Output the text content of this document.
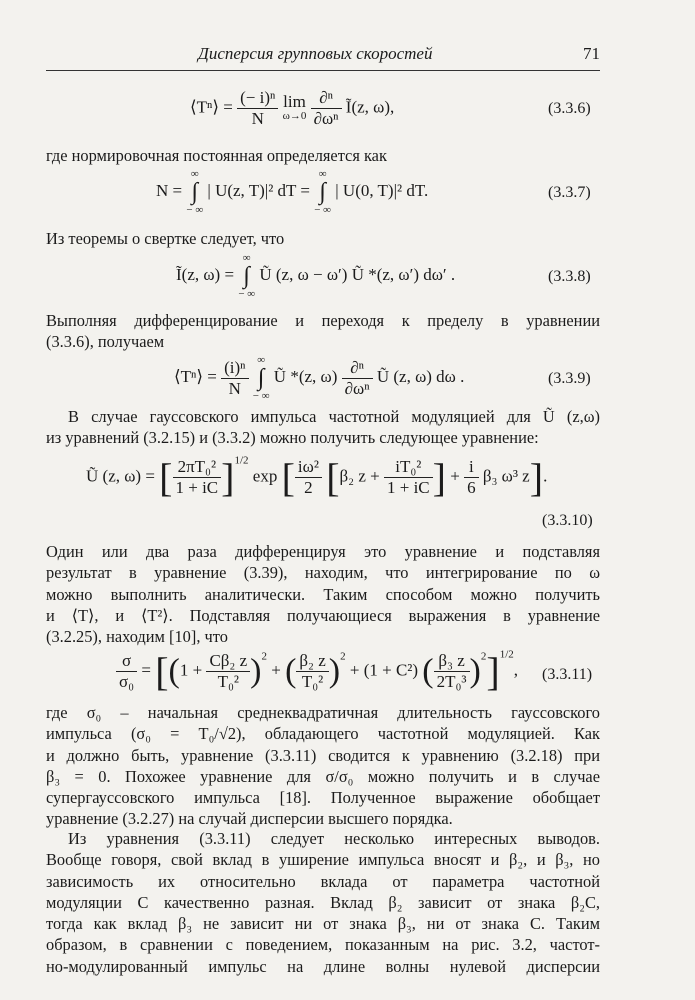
Дисперсия групповых скоростей	71
⟨Tⁿ⟩ = $\frac{\text{(− i)ⁿ}}{N}$
lim
ω→0
$\frac{\text{∂ⁿ}}{\text{∂ωⁿ}}$ Ĩ(z, ω),	(3.3.6)
где нормировочная постоянная определяется как
N = ∞
∫
− ∞ | U(z, T)|² dT = ∞
∫
− ∞ | U(0, T)|² dT.	(3.3.7)
Из теоремы о свертке следует, что
Ĩ(z, ω) = ∞
∫
− ∞ Ũ (z, ω − ω′) Ũ *(z, ω′) dω′ .	(3.3.8)
Выполняя дифференцирование и переходя к пределу в уравнении
(3.3.6), получаем
⟨Tⁿ⟩ = $\frac{\text{(i)ⁿ}}{N}$ ∞
∫
− ∞ Ũ *(z, $\omega) \frac{\text{∂ⁿ}}{\text{∂ωⁿ}}$ Ũ (z, ω) dω .	(3.3.9)
В случае гауссовского импульса частотной модуляцией для Ũ (z,ω)
из уравнений (3.2.15) и (3.3.2) можно получить следующее уравнение:
Ũ (z, ω) = [ $\frac{\text{2πT₀²}}{1 + iC} ]^{1/2}$ exp [ $\frac{\text{iω²}}{2} [\beta_2$ $z + \frac{\text{iT₀²}}{1 + iC}$ ] + $\frac{i}{6} \beta_3$ ω³ z].
(3.3.10)
Один или два раза дифференцируя это уравнение и подставляя
результат в уравнение (3.39), находим, что интегрирование по ω
можно выполнить аналитически. Таким способом можно получить
и ⟨T⟩, и ⟨T²⟩. Подставляя получающиеся выражения в уравнение
(3.2.25), находим [10], что
$\frac{\sigma}{\text{σ₀}} = [(1 + \frac{\text{Cβ₂ z}}{\text{T₀²}} )^2$ + ( $\frac{\text{β₂ z}}{\text{T₀²}} )^2 + (1 + C^2)$ ( $\frac{\text{β₃ z}}{\text{2T₀³}} )^2]^{1/2}$, (3.3.11)
где σ₀ – начальная среднеквадратичная длительность гауссовского
импульса (σ₀ = T₀/√2), обладающего частотной модуляцией. Как
и должно быть, уравнение (3.3.11) сводится к уравнению (3.2.18) при
β₃ = 0. Похожее уравнение для σ/σ₀ можно получить и в случае
супергауссовского импульса [18]. Полученное выражение обобщает
уравнение (3.2.27) на случай дисперсии высшего порядка.
Из уравнения (3.3.11) следует несколько интересных выводов.
Вообще говоря, свой вклад в уширение импульса вносят и β₂, и β₃, но
зависимость их относительно вклада от параметра частотной
модуляции C качественно разная. Вклад β₂ зависит от знака β₂C,
тогда как вклад β₃ не зависит ни от знака β₃, ни от знака C. Таким
образом, в сравнении с поведением, показанным на рис. 3.2, частот-
но-модулированный импульс на длине волны нулевой дисперсии
